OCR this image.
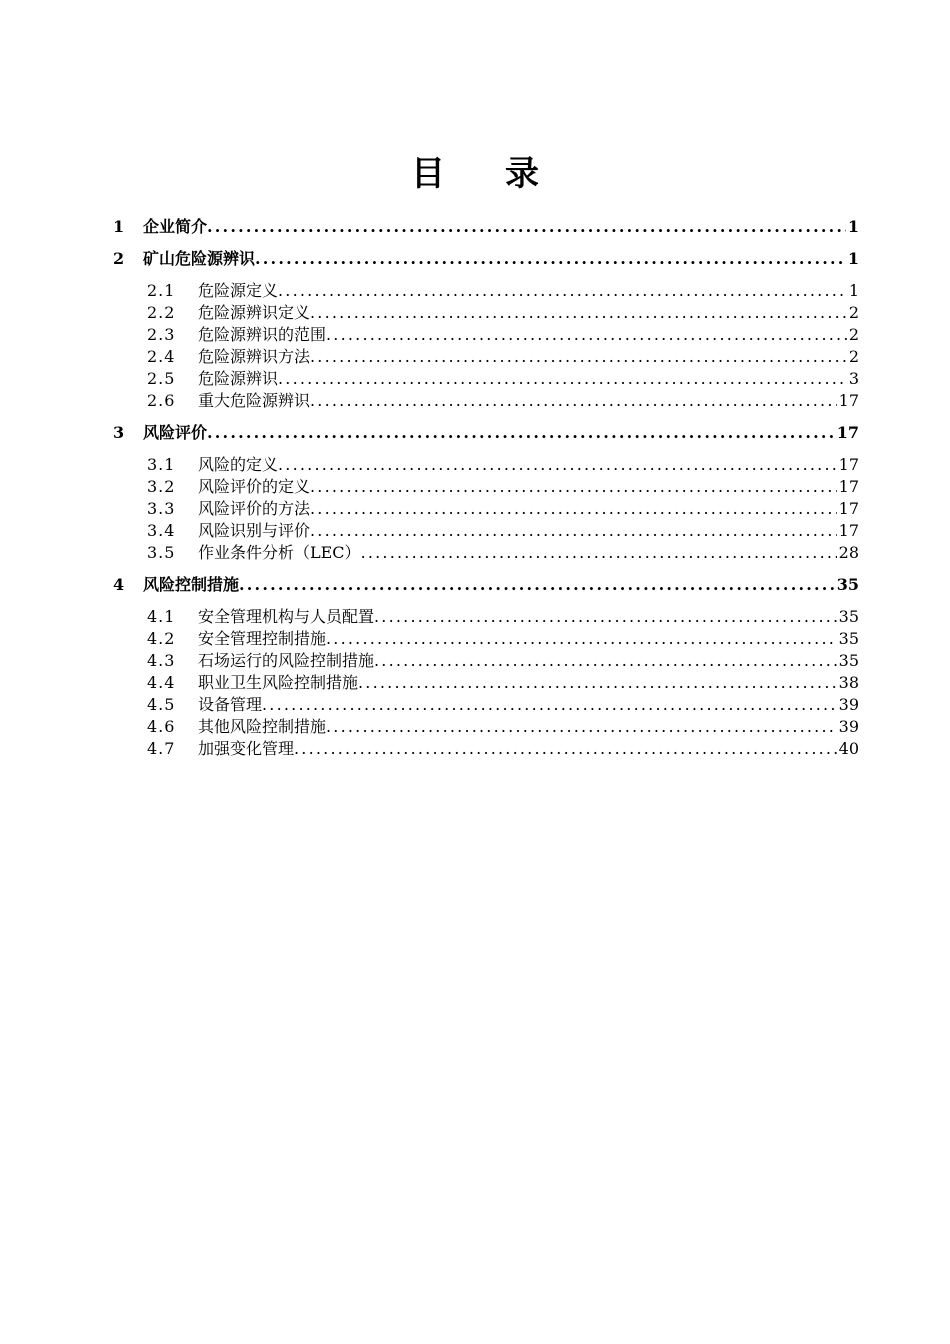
目 录
1	企业简介 .....	1
2	矿山危险源辨识 .....	1
2.1	危险源定义 .....	1
2.2	危险源辨识定义 .....	2
2.3	危险源辨识的范围 .....	2
2.4	危险源辨识方法 .....	2
2.5	危险源辨识 .....	3
2.6	重大危险源辨识 .....	17
3	风险评价 .....	17
3.1	风险的定义 .....	17
3.2	风险评价的定义 .....	17
3.3	风险评价的方法 .....	17
3.4	风险识别与评价 .....	17
3.5	作业条件分析（LEC） .....	28
4	风险控制措施 .....	35
4.1	安全管理机构与人员配置 .....	35
4.2	安全管理控制措施 .....	35
4.3	石场运行的风险控制措施 .....	35
4.4	职业卫生风险控制措施 .....	38
4.5	设备管理 .....	39
4.6	其他风险控制措施 .....	39
4.7	加强变化管理 .....	40
